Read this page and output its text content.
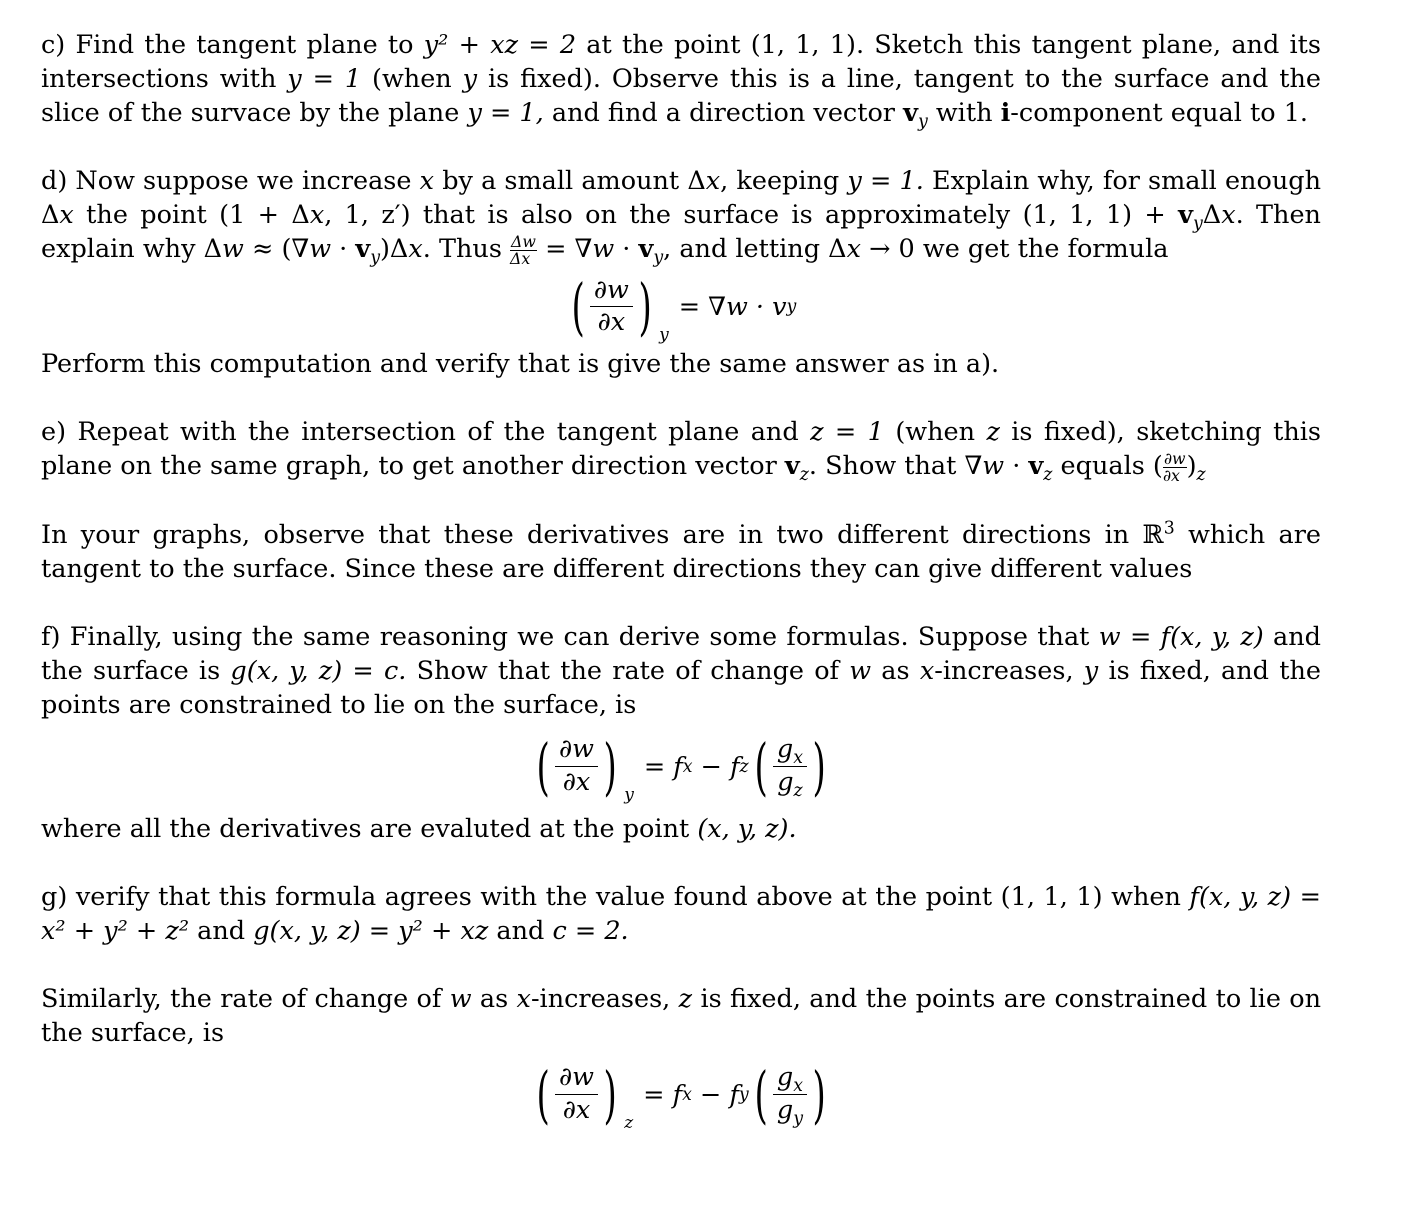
c) Find the tangent plane to y² + xz = 2 at the point (1, 1, 1). Sketch this tangent plane, and its intersections with y = 1 (when y is fixed). Observe this is a line, tangent to the surface and the slice of the survace by the plane y = 1, and find a direction vector $v_y$ with i-component equal to 1.

d) Now suppose we increase x by a small amount Δx, keeping y = 1. Explain why, for small enough Δx the point (1 + Δx, 1, z′) that is also on the surface is approximately (1, 1, $1) + v_y\Delta x$. Then explain why $\Delta w \approx (\nabla w \cdot v_y)\Delta x$. Thus $\frac{\Delta w}{\Delta x} = \nabla w \cdot v_y$, and letting Δx → 0 we get the formula

( $\frac{\partial w}{\partial x}$ ) y
= ∇w · v y

Perform this computation and verify that is give the same answer as in a).

e) Repeat with the intersection of the tangent plane and z = 1 (when z is fixed), sketching this plane on the same graph, to get another direction vector $v_z$. Show that $\nabla w \cdot v_z$ equals ( $\frac{\partial w}{\partial x} )_z$

In your graphs, observe that these derivatives are in two different directions in ℝ$^3$ which are tangent to the surface. Since these are different directions they can give different values

f) Finally, using the same reasoning we can derive some formulas. Suppose that w = f(x, y, z) and the surface is g(x, y, z) = c. Show that the rate of change of w as x-increases, y is fixed, and the points are constrained to lie on the surface, is

( $\frac{\partial w}{\partial x}$ ) y
= f x
− f z ( $\frac{g_x}{g_z}$ )

where all the derivatives are evaluted at the point (x, y, z).

g) verify that this formula agrees with the value found above at the point (1, 1, 1) when f(x, y, z) = x² + y² + z² and g(x, y, z) = y² + xz and c = 2.

Similarly, the rate of change of w as x-increases, z is fixed, and the points are constrained to lie on the surface, is

( $\frac{\partial w}{\partial x}$ ) z
= f x
− f y ( $\frac{g_x}{g_y}$ )
